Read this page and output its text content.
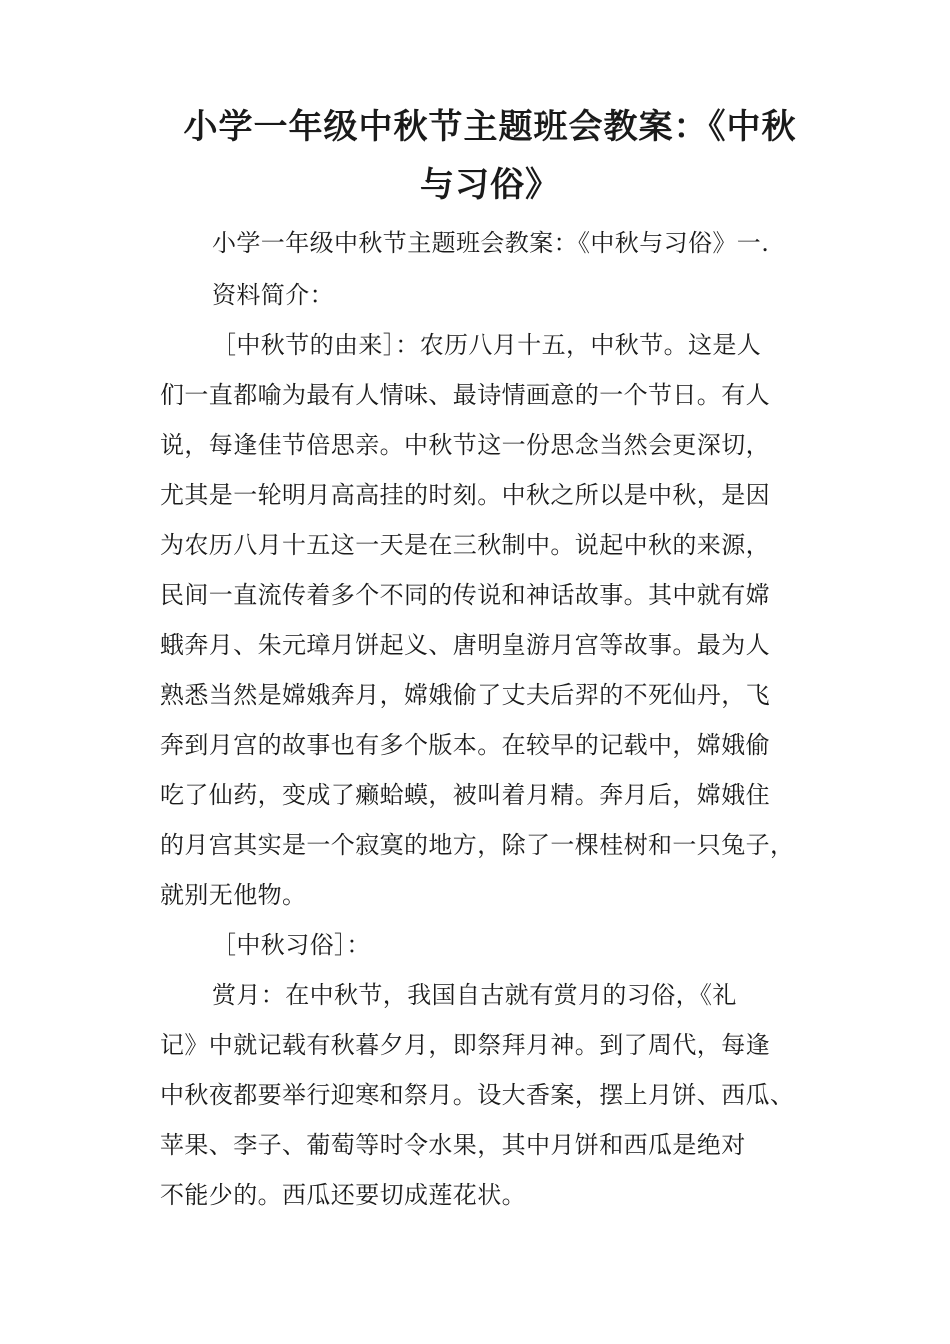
小学一年级中秋节主题班会教案：《中秋
与习俗》
小学一年级中秋节主题班会教案：《中秋与习俗》一.
资料简介：
［中秋节的由来］：农历八月十五，中秋节。这是人
们一直都喻为最有人情味、最诗情画意的一个节日。有人
说，每逢佳节倍思亲。中秋节这一份思念当然会更深切，
尤其是一轮明月高高挂的时刻。中秋之所以是中秋，是因
为农历八月十五这一天是在三秋制中。说起中秋的来源，
民间一直流传着多个不同的传说和神话故事。其中就有嫦
蛾奔月、朱元璋月饼起义、唐明皇游月宫等故事。最为人
熟悉当然是嫦娥奔月，嫦娥偷了丈夫后羿的不死仙丹，飞
奔到月宫的故事也有多个版本。在较早的记载中，嫦娥偷
吃了仙药，变成了癞蛤蟆，被叫着月精。奔月后，嫦娥住
的月宫其实是一个寂寞的地方，除了一棵桂树和一只兔子，
就别无他物。
［中秋习俗］：
赏月：在中秋节，我国自古就有赏月的习俗，《礼
记》中就记载有秋暮夕月，即祭拜月神。到了周代，每逢
中秋夜都要举行迎寒和祭月。设大香案，摆上月饼、西瓜、
苹果、李子、葡萄等时令水果，其中月饼和西瓜是绝对
不能少的。西瓜还要切成莲花状。
